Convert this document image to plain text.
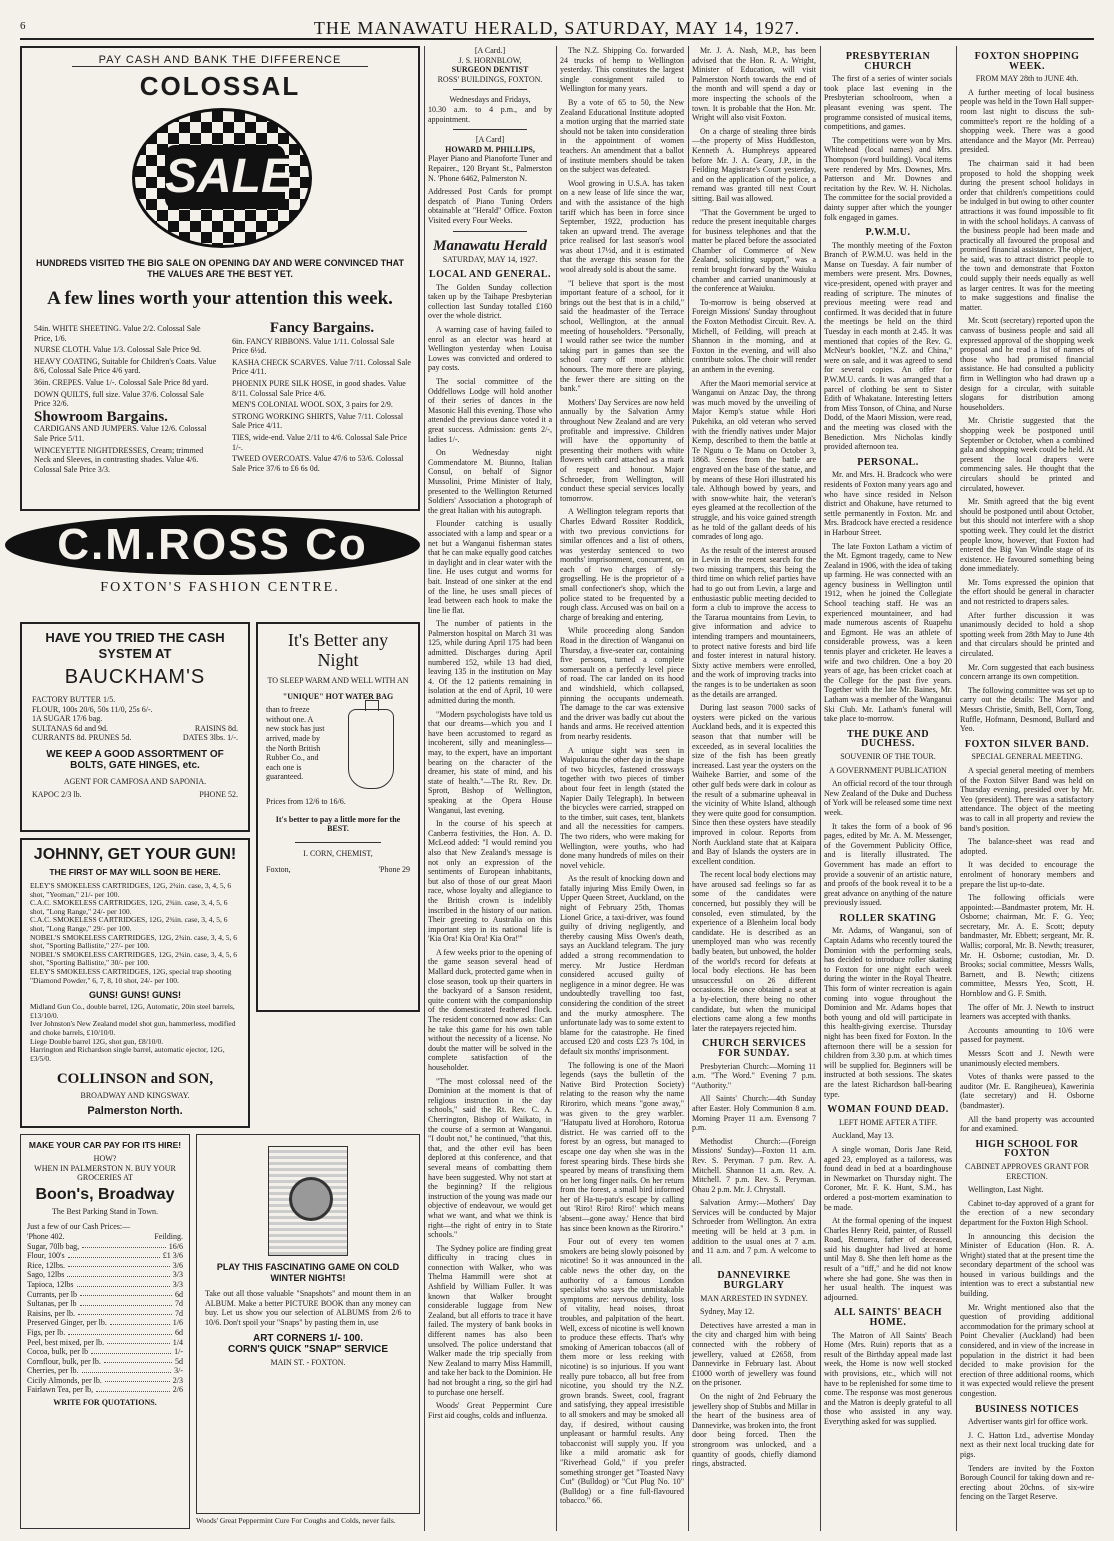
6	THE MANAWATU HERALD, SATURDAY, MAY 14, 1927.
PAY CASH AND BANK THE DIFFERENCE
COLOSSAL
SALE
HUNDREDS VISITED THE BIG SALE ON OPENING DAY AND WERE CONVINCED THAT THE VALUES ARE THE BEST YET.
A few lines worth your attention this week.
54in. WHITE SHEETING. Value 2/2. Colossal Sale Price, 1/6.
NURSE CLOTH. Value 1/3. Colossal Sale Price 9d.
HEAVY COATING, Suitable for Children's Coats. Value 8/6, Colossal Sale Price 4/6 yard.
36in. CREPES. Value 1/-. Colossal Sale Price 8d yard.
DOWN QUILTS, full size. Value 37/6. Colossal Sale Price 32/6.
Showroom Bargains.
CARDIGANS AND JUMPERS. Value 12/6. Colossal Sale Price 5/11.
WINCEYETTE NIGHTDRESSES, Cream; trimmed Neck and Sleeves, in contrasting shades. Value 4/6. Colossal Sale Price 3/3.
Fancy Bargains.
6in. FANCY RIBBONS. Value 1/11. Colossal Sale Price 6½d.
KASHA CHECK SCARVES. Value 7/11. Colossal Sale Price 4/11.
PHOENIX PURE SILK HOSE, in good shades. Value 8/11. Colossal Sale Price 4/6.
MEN'S COLONIAL WOOL SOX, 3 pairs for 2/9.
STRONG WORKING SHIRTS, Value 7/11. Colossal Sale Price 4/11.
TIES, wide-end. Value 2/11 to 4/6. Colossal Sale Price 1/-.
TWEED OVERCOATS. Value 47/6 to 53/6. Colossal Sale Price 37/6 to £6 6s 0d.
C.M.ROSS Co
FOXTON'S FASHION CENTRE.
HAVE YOU TRIED THE CASH SYSTEM AT
BAUCKHAM'S
FACTORY BUTTER 1/5.
FLOUR, 100s 20/6, 50s 11/0, 25s 6/-.
1A SUGAR 17/6 bag.
SULTANAS 6d and 9d.	RAISINS 8d.
CURRANTS 8d. PRUNES 5d.	DATES 3lbs. 1/-.
WE KEEP A GOOD ASSORTMENT OF BOLTS, GATE HINGES, etc.
AGENT FOR CAMFOSA AND SAPONIA.
KAPOC 2/3 lb.	PHONE 52.
It's Better any Night
TO SLEEP WARM AND WELL WITH AN
"UNIQUE" HOT WATER BAG
than to freeze without one. A new stock has just arrived, made by the North British Rubber Co., and each one is guaranteed.
Prices from 12/6 to 16/6.
It's better to pay a little more for the BEST.
I. CORN, CHEMIST,
Foxton,	'Phone 29
JOHNNY, GET YOUR GUN!
THE FIRST OF MAY WILL SOON BE HERE.
ELEY'S SMOKELESS CARTRIDGES, 12G, 2¾in. case, 3, 4, 5, 6 shot, "Yeoman," 21/- per 100.
C.A.C. SMOKELESS CARTRIDGES, 12G, 2¾in. case, 3, 4, 5, 6 shot, "Long Range," 24/- per 100.
C.A.C. SMOKELESS CARTRIDGES, 12G, 2¾in. case, 3, 4, 5, 6 shot, "Long Range," 29/- per 100.
NOBEL'S SMOKELESS CARTRIDGES, 12G, 2¾in. case, 3, 4, 5, 6 shot, "Sporting Ballistite," 27/- per 100.
NOBEL'S SMOKELESS CARTRIDGES, 12G, 2¾in. case, 3, 4, 5, 6 shot, "Sporting Ballistite," 30/- per 100.
ELEY'S SMOKELESS CARTRIDGES, 12G, special trap shooting "Diamond Powder," 6, 7, 8, 10 shot, 24/- per 100.
GUNS! GUNS! GUNS!
Midland Gun Co., double barrel, 12G, Automatic, 20in steel barrels, £13/10/0.
Iver Johnston's New Zealand model shot gun, hammerless, modified and choke barrels, £10/10/0.
Liege Double barrel 12G, shot gun, £8/10/0.
Harrington and Richardson single barrel, automatic ejector, 12G, £3/5/0.
COLLINSON and SON,
BROADWAY AND KINGSWAY.
Palmerston North.
MAKE YOUR CAR PAY FOR ITS HIRE!
HOW?
WHEN IN PALMERSTON N. BUY YOUR GROCERIES AT
Boon's, Broadway
The Best Parking Stand in Town.
Just a few of our Cash Prices:—
'Phone 402.	Feilding.
Sugar, 70lb bag,	16/6
Flour, 100's	£1 3/6
Rice, 12lbs.	3/6
Sago, 12lbs	3/3
Tapioca, 12lbs	3/3
Currants, per lb	6d
Sultanas, per lb	7d
Raisins, per lb.	7d
Preserved Ginger, per lb.	1/6
Figs, per lb.	6d
Peel, best mixed, per lb.	1/4
Cocoa, bulk, per lb	1/-
Cornflour, bulk, per lb.	5d
Cherries, per lb.	3/-
Cicily Almonds, per lb.	2/3
Fairlawn Tea, per lb,	2/6
WRITE FOR QUOTATIONS.
PLAY THIS FASCINATING GAME ON COLD WINTER NIGHTS!
Take out all those valuable "Snapshots" and mount them in an ALBUM. Make a better PICTURE BOOK than any money can buy. Let us show you our selection of ALBUMS from 2/6 to 10/6. Don't spoil your "Snaps" by pasting them in, use
ART CORNERS 1/- 100.
CORN'S QUICK "SNAP" SERVICE
MAIN ST. - FOXTON.
Woods' Great Peppermint Cure For Coughs and Colds, never fails.
[A Card.]
J. S. HORNBLOW,
SURGEON DENTIST
ROSS' BUILDINGS, FOXTON.
Wednesdays and Fridays,
10.30 a.m. to 4 p.m., and by appointment.
[A Card]
HOWARD M. PHILLIPS,
Player Piano and Pianoforte Tuner and Repairer., 120 Bryant St., Palmerston N. 'Phone 6462, Palmerston N.
Addressed Post Cards for prompt despatch of Piano Tuning Orders obtainable at "Herald" Office. Foxton Visited every Four Weeks.
Manawatu Herald
SATURDAY, MAY 14, 1927.
LOCAL AND GENERAL.

The Golden Sunday collection taken up by the Taihape Presbyterian collection last Sunday totalled £160 over the whole district.

A warning case of having failed to enrol as an elector was heard at Wellington yesterday when Louisa Lowes was convicted and ordered to pay costs.

The social committee of the Oddfellows Lodge will hold another of their series of dances in the Masonic Hall this evening. Those who attended the previous dance voted it a great success. Admission: gents 2/-, ladies 1/-.

On Wednesday night Commendatore M. Biunno, Italian Consul, on behalf of Signor Mussolini, Prime Minister of Italy, presented to the Wellington Returned Soldiers' Association a photograph of the great Italian with his autograph.

Flounder catching is usually associated with a lamp and spear or a net but a Wanganui fisherman states that he can make equally good catches in daylight and in clear water with the line. He uses cutgut and worms for bait. Instead of one sinker at the end of the line, he uses small pieces of lead between each hook to make the line lie flat.

The number of patients in the Palmerston hospital on March 31 was 125, while during April 175 had been admitted. Discharges during April numbered 152, while 13 had died, leaving 135 in the institution on May 4. Of the 12 patients remaining in isolation at the end of April, 10 were admitted during the month.

"Modern psychologists have told us that our dreams—which you and I have been accustomed to regard as incoherent, silly and meaningless—may, to the expert, have an important bearing on the character of the dreamer, his state of mind, and his state of health."—The Rt. Rev. Dr. Sprott, Bishop of Wellington, speaking at the Opera House Wanganui, last evening.

In the course of his speech at Canberra festivities, the Hon. A. D. McLeod added: "I would remind you also that New Zealand's message is not only an expression of the sentiments of European inhabitants, but also of those of our great Maori race, whose loyalty and allegiance to the British crown is indelibly inscribed in the history of our nation. Their greeting to Australia on this important step in its national life is 'Kia Ora! Kia Ora! Kia Ora!'"

A few weeks prior to the opening of the game season several head of Mallard duck, protected game when in close season, took up their quarters in the backyard of a Sanson resident, quite content with the companionship of the domesticated feathered flock. The resident concerned now asks: Can he take this game for his own table without the necessity of a license. No doubt the matter will be solved in the complete satisfaction of the householder.

"The most colossal need of the Dominion at the moment is that of religious instruction in the day schools," said the Rt. Rev. C. A. Cherrington, Bishop of Waikato, in the course of a sermon at Wanganui. "I doubt not," he continued, "that this, that, and the other evil has been deplored at this conference, and that several means of combatting them have been suggested. Why not start at the beginning? If the religious instruction of the young was made our objective of endeavour, we would get what we want, and what we think is right—the right of entry in to State schools."

The Sydney police are finding great difficulty in tracing clues in connection with Walker, who was Thelma Hammill were shot at Ashfield by William Fuller. It was known that Walker brought considerable luggage from New Zealand, but all efforts to trace it have failed. The mystery of bank books in different names has also been unsolved. The police understand that Walker made the trip specially from New Zealand to marry Miss Hammill, and take her back to the Dominion. He had not brought a ring, so the girl had to purchase one herself.

Woods' Great Peppermint Cure First aid coughs, colds and influenza.

The N.Z. Shipping Co. forwarded 24 trucks of hemp to Wellington yesterday. This constitutes the largest single consignment railed to Wellington for many years.

By a vote of 65 to 50, the New Zealand Educational Institute adopted a motion urging that the married state should not be taken into consideration in the appointment of women teachers. An amendment that a ballot of institute members should be taken on the subject was defeated.

Wool growing in U.S.A. has taken on a new lease of life since the war, and with the assistance of the high tariff which has been in force since September, 1922, production has taken an upward trend. The average price realised for last season's wool was about 17½d, and it is estimated that the average this season for the wool already sold is about the same.

"I believe that sport is the most important feature of a school, for it brings out the best that is in a child," said the headmaster of the Terrace school, Wellington, at the annual meeting of householders. "Personally, I would rather see twice the number taking part in games than see the school carry off more athletic honours. The more there are playing, the fewer there are sitting on the bank."

Mothers' Day Services are now held annually by the Salvation Army throughout New Zealand and are very profitable and impressive. Children will have the opportunity of presenting their mothers with white flowers with card attached as a mark of respect and honour. Major Schroeder, from Wellington, will conduct these special services locally tomorrow.

A Wellington telegram reports that Charles Edward Rossiter Roddick, with two previous convictions for similar offences and a list of others, was yesterday sentenced to two months' imprisonment, concurrent, on each of two charges of sly-grogselling. He is the proprietor of a small confectioner's shop, which the police stated to be frequented by a rough class. Accused was on bail on a charge of breaking and entering.

While proceeding along Sandon Road in the direction of Wanganui on Thursday, a five-seater car, containing five persons, turned a complete somersault on a perfectly level piece of road. The car landed on its hood and windshield, which collapsed, pinning the occupants underneath. The damage to the car was extensive and the driver was badly cut about the hands and arms. He received attention from nearby residents.

A unique sight was seen in Waipukurau the other day in the shape of two bicycles, fastened crossways together with two pieces of timber about four feet in length (stated the Napier Daily Telegraph). In between the bicycles were carried, strapped on to the timber, suit cases, tent, blankets and all the necessities for campers. The two riders, who were making for Wellington, were youths, who had done many hundreds of miles on their novel vehicle.

As the result of knocking down and fatally injuring Miss Emily Owen, in Upper Queen Street, Auckland, on the night of February 25th, Thomas Lionel Grice, a taxi-driver, was found guilty of driving negligently, and thereby causing Miss Owen's death, says an Auckland telegram. The jury added a strong recommendation to mercy. Mr Justice Herdman considered accused guilty of negligence in a minor degree. He was undoubtedly travelling too fast, considering the condition of the street and the murky atmosphere. The unfortunate lady was to some extent to blame for the catastrophe. He fined accused £20 and costs £23 7s 10d, in default six months' imprisonment.

The following is one of the Maori legends (says the bulletin of the Native Bird Protection Society) relating to the reason why the name Riroriro, which means "gone away," was given to the grey warbler. "Hatupatu lived at Horohoro, Rotorua district. He was carried off to the forest by an ogress, but managed to escape one day when she was in the forest spearing birds. These birds she speared by means of transfixing them on her long finger nails. On her return from the forest, a small bird informed her of Ha-tu-patu's escape by calling out 'Riro! Riro! Riro!' which means 'absent—gone away.' Hence that bird has since been known as the Riroriro."

Four out of every ten women smokers are being slowly poisoned by nicotine! So it was announced in the cable news the other day, on the authority of a famous London specialist who says the unmistakable symptoms are: nervous debility, loss of vitality, head noises, throat troubles, and palpitation of the heart. Well, excess of nicotine is well known to produce these effects. That's why smoking of American tobaccos (all of them more or less reeking with nicotine) is so injurious. If you want really pure tobacco, all but free from nicotine, you should try the N.Z. grown brands. Sweet, cool, fragrant and satisfying, they appeal irresistible to all smokers and may be smoked all day, if desired, without causing unpleasant or harmful results. Any tobacconist will supply you. If you like a mild aromatic ask for "Riverhead Gold," if you prefer something stronger get "Toasted Navy Cut" (Bulldog) or "Cut Plug No. 10" (Bulldog) or a fine full-flavoured tobacco." 66.

Mr. J. A. Nash, M.P., has been advised that the Hon. R. A. Wright, Minister of Education, will visit Palmerston North towards the end of the month and will spend a day or more inspecting the schools of the town. It is probable that the Hon. Mr. Wright will also visit Foxton.

On a charge of stealing three birds—the property of Miss Huddleston, Kenneth A. Humphreys appeared before Mr. J. A. Geary, J.P., in the Feilding Magistrate's Court yesterday, and on the application of the police, a remand was granted till next Court sitting. Bail was allowed.

"That the Government be urged to reduce the present inequitable charges for business telephones and that the matter be placed before the associated Chamber of Commerce of New Zealand, soliciting support," was a remit brought forward by the Waiuku chamber and carried unanimously at the conference at Waiuku.

To-morrow is being observed at Foreign Missions' Sunday throughout the Foxton Methodist Circuit. Rev. A. Michell, of Feilding, will preach at Shannon in the morning, and at Foxton in the evening, and will also contribute solos. The choir will render an anthem in the evening.

After the Maori memorial service at Wanganui on Anzac Day, the throng was much moved by the unveiling of Major Kemp's statue while Hori Pukehika, an old veteran who served with the friendly natives under Major Kemp, described to them the battle at Te Ngutu o Te Manu on October 3, 1868. Scenes from the battle are engraved on the base of the statue, and by means of these Hori illustrated his tale. Although bowed by years, and with snow-white hair, the veteran's eyes gleamed at the recollection of the struggle, and his voice gained strength as he told of the gallant deeds of his comrades of long ago.

As the result of the interest aroused in Levin in the recent search for the two missing trampers, this being the third time on which relief parties have had to go out from Levin, a large and enthusiastic public meeting decided to form a club to improve the access to the Tararua mountains from Levin, to give information and advice to intending trampers and mountaineers, to protect native forests and bird life and foster interest in natural history. Sixty active members were enrolled, and the work of improving tracks into the ranges is to be undertaken as soon as the details are arranged.

During last season 7000 sacks of oysters were picked on the various Auckland beds, and it is expected this season that that number will be exceeded, as in several localities the size of the fish has been greatly increased. Last year the oysters on the Waiheke Barrier, and some of the other gulf beds were dark in colour as the result of a submarine upheaval in the vicinity of White Island, although they were quite good for consumption. Since then these oysters have steadily improved in colour. Reports from North Auckland state that at Kaipara and Bay of Islands the oysters are in excellent condition.

The recent local body elections may have aroused sad feelings so far as some of the candidates were concerned, but possibly they will be consoled, even stimulated, by the experience of a Blenheim local body candidate. He is described as an unemployed man who was recently badly beaten, but unbowed, the holder of the world's record for defeats at local body elections. He has been unsuccessful on 26 different occasions. He once obtained a seat at a by-election, there being no other candidate, but when the municipal elections came along a few months later the ratepayers rejected him.

CHURCH SERVICES FOR SUNDAY.

Presbyterian Church:—Morning 11 a.m. "The Word." Evening 7 p.m. "Authority."

All Saints' Church:—4th Sunday after Easter. Holy Communion 8 a.m. Morning Prayer 11 a.m. Evensong 7 p.m.

Methodist Church:—(Foreign Missions' Sunday)—Foxton 11 a.m. Rev. S. Peryman. 7 p.m. Rev. A. Mitchell. Shannon 11 a.m. Rev. A. Mitchell. 7 p.m. Rev. S. Peryman. Ohau 2 p.m. Mr. J. Chrystall.

Salvation Army:—Mothers' Day Services will be conducted by Major Schroeder from Wellington. An extra meeting will be held at 3 p.m. in addition to the usual ones at 7 a.m. and 11 a.m. and 7 p.m. A welcome to all.

DANNEVIRKE BURGLARY
MAN ARRESTED IN SYDNEY.

Sydney, May 12.

Detectives have arrested a man in the city and charged him with being connected with the robbery of jewellery, valued at £2658, from Dannevirke in February last. About £1000 worth of jewellery was found on the prisoner.

On the night of 2nd February the jewellery shop of Stubbs and Millar in the heart of the business area of Dannevirke, was broken into, the front door being forced. Then the strongroom was unlocked, and a quantity of goods, chiefly diamond rings, abstracted.

PRESBYTERIAN CHURCH

The first of a series of winter socials took place last evening in the Presbyterian schoolroom, when a pleasant evening was spent. The programme consisted of musical items, competitions, and games.

The competitions were won by Mrs. Whitehead (local names) and Mrs. Thompson (word building). Vocal items were rendered by Mrs. Downes, Mrs. Patterson and Mr. Downes and recitation by the Rev. W. H. Nicholas. The committee for the social provided a dainty supper after which the younger folk engaged in games.

P.W.M.U.

The monthly meeting of the Foxton Branch of P.W.M.U. was held in the Manse on Tuesday. A fair number of members were present. Mrs. Downes, vice-president, opened with prayer and reading of scripture. The minutes of previous meeting were read and confirmed. It was decided that in future the meetings be held on the third Tuesday in each month at 2.45. It was mentioned that copies of the Rev. G. McNeur's booklet, "N.Z. and China," were on sale, and it was agreed to send for several copies. An offer for P.W.M.U. cards. It was arranged that a parcel of clothing be sent to Sister Edith of Whakatane. Interesting letters from Miss Tonson, of China, and Nurse Dodd, of the Maori Mission, were read, and the meeting was closed with the Benediction. Mrs Nicholas kindly provided afternoon tea.

PERSONAL.

Mr. and Mrs. H. Bradcock who were residents of Foxton many years ago and who have since resided in Nelson district and Ohakune, have returned to settle permanently in Foxton. Mr. and Mrs. Bradcock have erected a residence in Harbour Street.

The late Foxton Latham a victim of the Mt. Egmont tragedy, came to New Zealand in 1906, with the idea of taking up farming. He was connected with an agency business in Wellington until 1912, when he joined the Collegiate School teaching staff. He was an experienced mountaineer, and had made numerous ascents of Ruapehu and Egmont. He was an athlete of considerable prowess, was a keen tennis player and cricketer. He leaves a wife and two children. One a boy 20 years of age, has been cricket coach at the College for the past five years. Together with the late Mr. Baines, Mr. Latham was a member of the Wanganui Ski Club. Mr. Latham's funeral will take place to-morrow.

THE DUKE AND DUCHESS.
SOUVENIR OF THE TOUR.
A GOVERNMENT PUBLICATION

An official record of the tour through New Zealand of the Duke and Duchess of York will be released some time next week.

It takes the form of a book of 96 pages, edited by Mr. A. M. Messenger, of the Government Publicity Office, and is literally illustrated. The Government has made an effort to provide a souvenir of an artistic nature, and proofs of the book reveal it to be a great advance on anything of the nature previously issued.

ROLLER SKATING

Mr. Adams, of Wanganui, son of Captain Adams who recently toured the Dominion with the performing seals, has decided to introduce roller skating to Foxton for one night each week during the winter in the Royal Theatre. This form of winter recreation is again coming into vogue throughout the Dominion and Mr. Adams hopes that both young and old will participate in this health-giving exercise. Thursday night has been fixed for Foxton. In the afternoon there will be a session for children from 3.30 p.m. at which times will be supplied for. Beginners will be instructed at both sessions. The skates are the latest Richardson ball-bearing type.

WOMAN FOUND DEAD.
LEFT HOME AFTER A TIFF.

Auckland, May 13.

A single woman, Doris Jane Reid, aged 23, employed as a tailoress, was found dead in bed at a boardinghouse in Newmarket on Thursday night. The Coroner, Mr. F. K. Hunt, S.M., has ordered a post-mortem examination to be made.

At the formal opening of the inquest Charles Henry Reid, painter, of Russell Road, Remuera, father of deceased, said his daughter had lived at home until May 8. She then left home as the result of a "tiff," and he did not know where she had gone. She was then in her usual health. The inquest was adjourned.

ALL SAINTS' BEACH HOME.

The Matron of All Saints' Beach Home (Mrs. Ruin) reports that as a result of the Birthday appeal made last week, the Home is now well stocked with provisions, etc., which will not have to be replenished for some time to come. The response was most generous and the Matron is deeply grateful to all those who assisted in any way. Everything asked for was supplied.

FOXTON SHOPPING WEEK.
FROM MAY 28th to JUNE 4th.

A further meeting of local business people was held in the Town Hall supper-room last night to discuss the sub-committee's report re the holding of a shopping week. There was a good attendance and the Mayor (Mr. Perreau) presided.

The chairman said it had been proposed to hold the shopping week during the present school holidays in order that children's competitions could be indulged in but owing to other counter attractions it was found impossible to fit in with the school holidays. A canvass of the business people had been made and practically all favoured the proposal and promised financial assistance. The object, he said, was to attract district people to the town and demonstrate that Foxton could supply their needs equally as well as larger centres. It was for the meeting to make suggestions and finalise the matter.

Mr. Scott (secretary) reported upon the canvass of business people and said all expressed approval of the shopping week proposal and he read a list of names of those who had promised financial assistance. He had consulted a publicity firm in Wellington who had drawn up a design for a circular, with suitable slogans for distribution among householders.

Mr. Christie suggested that the shopping week be postponed until September or October, when a combined gala and shopping week could be held. At present the local drapers were commencing sales. He thought that the circulars should be printed and circulated, however.

Mr. Smith agreed that the big event should be postponed until about October, but this should not interfere with a shop spotting week. They could let the district people know, however, that Foxton had entered the Big Van Windle stage of its existence. He favoured something being done immediately.

Mr. Toms expressed the opinion that the effort should be general in character and not restricted to drapers sales.

After further discussion it was unanimously decided to hold a shop spotting week from 28th May to June 4th and that circulars should be printed and circulated.

Mr. Corn suggested that each business concern arrange its own competition.

The following committee was set up to carry out the details: The Mayor and Messrs Christie, Smith, Bell, Corn, Tong, Ruffle, Hofmann, Desmond, Bullard and Yeo.

FOXTON SILVER BAND.
SPECIAL GENERAL MEETING.

A special general meeting of members of the Foxton Silver Band was held on Thursday evening, presided over by Mr. Yeo (president). There was a satisfactory attendance. The object of the meeting was to call in all property and review the band's position.

The balance-sheet was read and adopted.

It was decided to encourage the enrolment of honorary members and prepare the list up-to-date.

The following officials were appointed:—Bandmaster protem, Mr. H. Osborne; chairman, Mr. F. G. Yeo; secretary, Mr. A. E. Scott; deputy bandmaster, Mr. Ebbett; sergeant, Mr. R. Wallis; corporal, Mr. B. Newth; treasurer, Mr. H. Osborne; custodian, Mr. D. Brooks; social committee, Messrs Walls, Barnett, and B. Newth; citizens committee, Messrs Yeo, Scott, H. Hornblow and G. F. Smith.

The offer of Mr. J. Newth to instruct learners was accepted with thanks.

Accounts amounting to 10/6 were passed for payment.

Messrs Scott and J. Newth were unanimously elected members.

Votes of thanks were passed to the auditor (Mr. E. Rangiheuea), Kawerinia (late secretary) and H. Osborne (bandmaster).

All the band property was accounted for and examined.

HIGH SCHOOL FOR FOXTON
CABINET APPROVES GRANT FOR ERECTION.

Wellington, Last Night.

Cabinet to-day approved of a grant for the erection of a new secondary department for the Foxton High School.

In announcing this decision the Minister of Education (Hon. R. A. Wright) stated that at the present time the secondary department of the school was housed in various buildings and the intention was to erect a substantial new building.

Mr. Wright mentioned also that the question of providing additional accommodation for the primary school at Point Chevalier (Auckland) had been considered, and in view of the increase in population in the district it had been decided to make provision for the erection of three additional rooms, which it was expected would relieve the present congestion.

BUSINESS NOTICES

Advertiser wants girl for office work.

J. C. Hatton Ltd., advertise Monday next as their next local trucking date for pigs.

Tenders are invited by the Foxton Borough Council for taking down and re-erecting about 20chns. of six-wire fencing on the Target Reserve.
